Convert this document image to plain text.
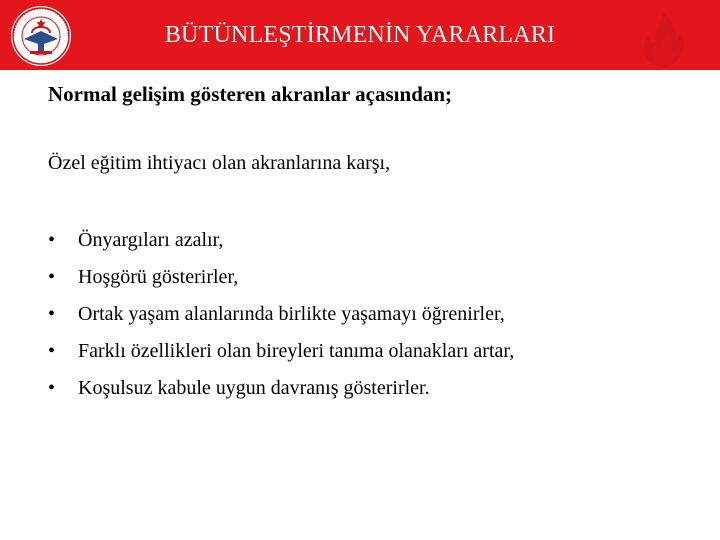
BÜTÜNLEŞTİRMENİN YARARLARI
Normal gelişim gösteren akranlar açasından;
Özel eğitim ihtiyacı olan akranlarına karşı,
•	Önyargıları azalır,
•	Hoşgörü gösterirler,
•	Ortak yaşam alanlarında birlikte yaşamayı öğrenirler,
•	Farklı özellikleri olan bireyleri tanıma olanakları artar,
•	Koşulsuz kabule uygun davranış gösterirler.
